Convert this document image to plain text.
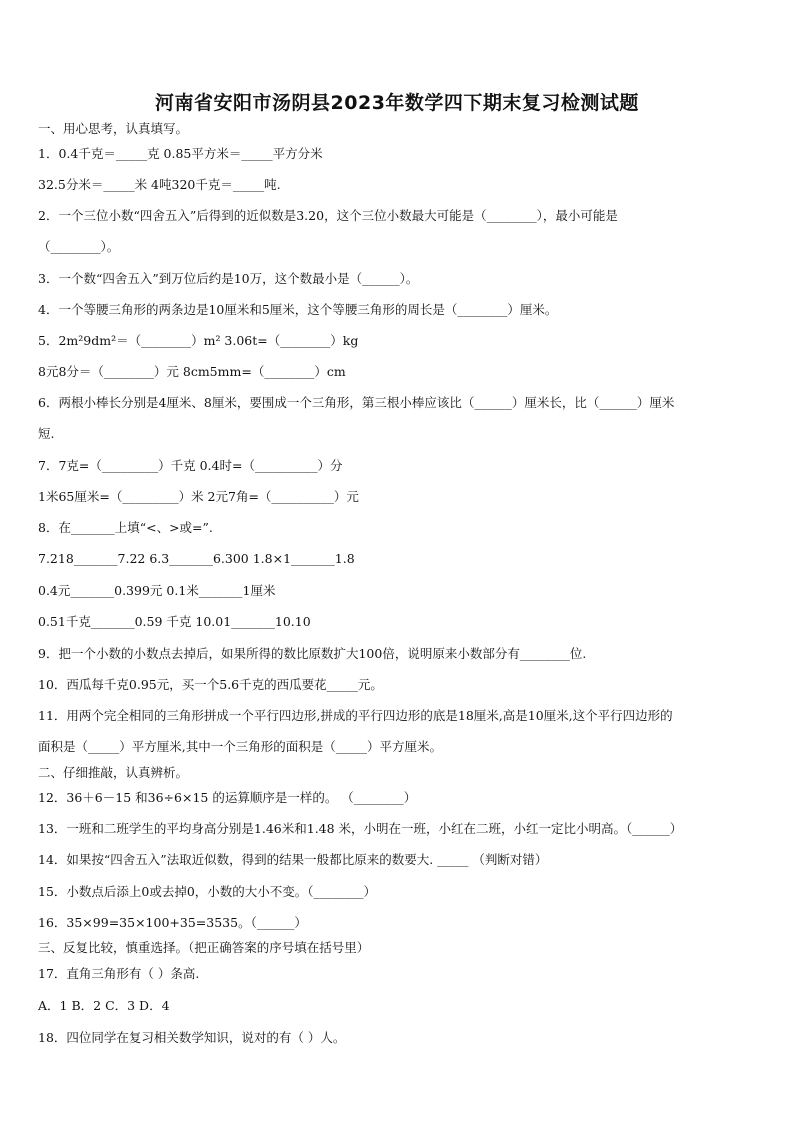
河南省安阳市汤阴县2023年数学四下期末复习检测试题
一、用心思考，认真填写。
1．0.4千克＝_____克 0.85平方米＝_____平方分米
32.5分米＝_____米 4吨320千克＝_____吨.
2．一个三位小数“四舍五入”后得到的近似数是3.20，这个三位小数最大可能是（________），最小可能是
（________）。
3．一个数“四舍五入”到万位后约是10万，这个数最小是（______）。
4．一个等腰三角形的两条边是10厘米和5厘米，这个等腰三角形的周长是（________）厘米。
5．2m²9dm²＝（________）m² 3.06t=（________）kg
8元8分＝（________）元 8cm5mm=（________）cm
6．两根小棒长分别是4厘米、8厘米，要围成一个三角形，第三根小棒应该比（______）厘米长，比（______）厘米
短.
7．7克=（_________）千克 0.4时=（__________）分
1米65厘米=（_________）米 2元7角=（__________）元
8．在_______上填“<、>或=”.
7.218_______7.22 6.3_______6.300 1.8×1_______1.8
0.4元_______0.399元 0.1米_______1厘米
0.51千克_______0.59 千克 10.01_______10.10
9．把一个小数的小数点去掉后，如果所得的数比原数扩大100倍，说明原来小数部分有________位.
10．西瓜每千克0.95元，买一个5.6千克的西瓜要花_____元。
11．用两个完全相同的三角形拼成一个平行四边形,拼成的平行四边形的底是18厘米,高是10厘米,这个平行四边形的
面积是（_____）平方厘米,其中一个三角形的面积是（_____）平方厘米。
二、仔细推敲，认真辨析。
12．36＋6－15 和36÷6×15 的运算顺序是一样的。 （________）
13．一班和二班学生的平均身高分别是1.46米和1.48 米，小明在一班，小红在二班，小红一定比小明高。（______）
14．如果按“四舍五入”法取近似数，得到的结果一般都比原来的数要大. _____ （判断对错）
15．小数点后添上0或去掉0，小数的大小不变。（________）
16．35×99=35×100+35=3535。（______）
三、反复比较，慎重选择。（把正确答案的序号填在括号里）
17．直角三角形有（ ）条高.
A．1 B．2 C．3 D．4
18．四位同学在复习相关数学知识，说对的有（ ）人。
